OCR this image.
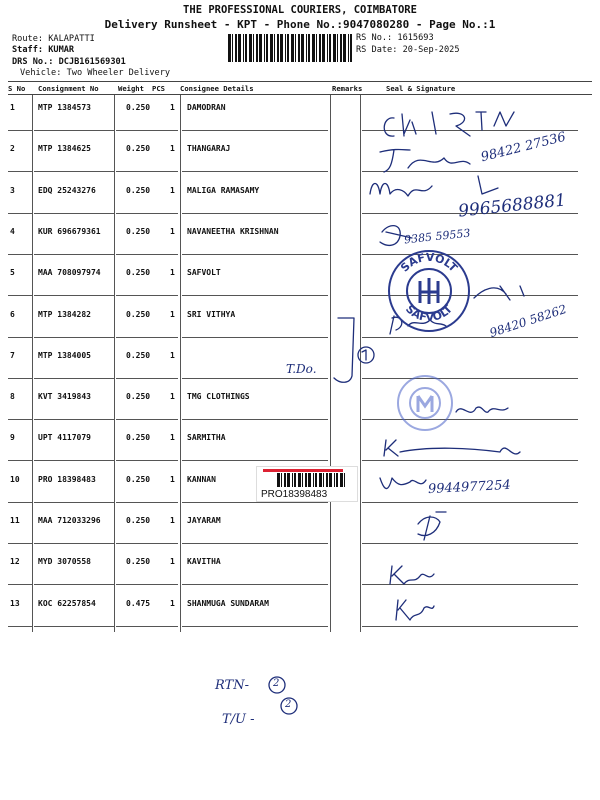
THE PROFESSIONAL COURIERS, COIMBATORE
Delivery Runsheet - KPT - Phone No.:9047080280 - Page No.:1
Route: KALAPATTI
Staff: KUMAR
DRS No.: DCJB161569301
Vehicle: Two Wheeler Delivery
RS No.: 1615693
RS Date: 20-Sep-2025
S No Consignment No	Weight PCS Consignee Details	Remarks	Seal & Signature
1	MTP 1384573	0.250 1 DAMODRAN
2	MTP 1384625	0.250 1 THANGARAJ
3	EDQ 25243276	0.250 1 MALIGA RAMASAMY
4	KUR 696679361	0.250 1 NAVANEETHA KRISHNAN
5	MAA 708097974	0.250 1 SAFVOLT
6	MTP 1384282	0.250 1 SRI VITHYA
7	MTP 1384005	0.250 1
8	KVT 3419843	0.250 1 TMG CLOTHINGS
9	UPT 4117079	0.250 1 SARMITHA
10 PRO 18398483	0.250 1 KANNAN
11 MAA 712033296	0.250 1 JAYARAM
12 MYD 3070558	0.250 1 KAVITHA
13 KOC 62257854	0.475 1 SHANMUGA SUNDARAM
98422 27536
9965688881
9385 59553
98420 58262
T.Do.
9944977254
RTN- 2
T/U -
2
SAFVOLT
SAFVOLT
PRO18398483
